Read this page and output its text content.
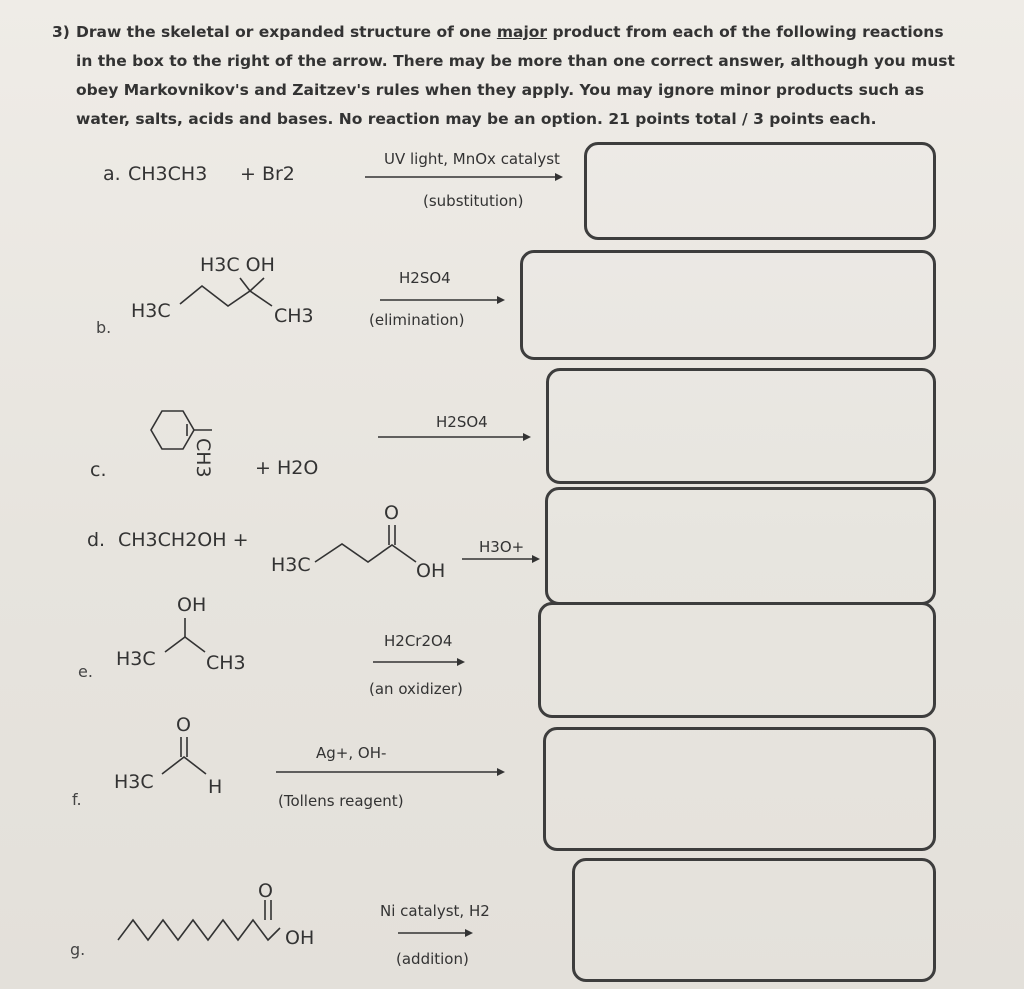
3) Draw the skeletal or expanded structure of one major product from each of the following reactions
in the box to the right of the arrow. There may be more than one correct answer, although you must
obey Markovnikov's and Zaitzev's rules when they apply. You may ignore minor products such as
water, salts, acids and bases. No reaction may be an option. 21 points total / 3 points each.
a. CH3CH3 + Br2
UV light, MnOx catalyst
(substitution)
b.
H3C OH
H3C	CH3
H2SO4
(elimination)
c.	CH3 + H2O
H2SO4
d. CH3CH2OH +
H3C
O
OH
H3O+
e.
OH
H3C	CH3
H2Cr2O4
(an oxidizer)
f.
O
H3C	H
Ag+, OH-
(Tollens reagent)
g.
O
OH
Ni catalyst, H2
(addition)
